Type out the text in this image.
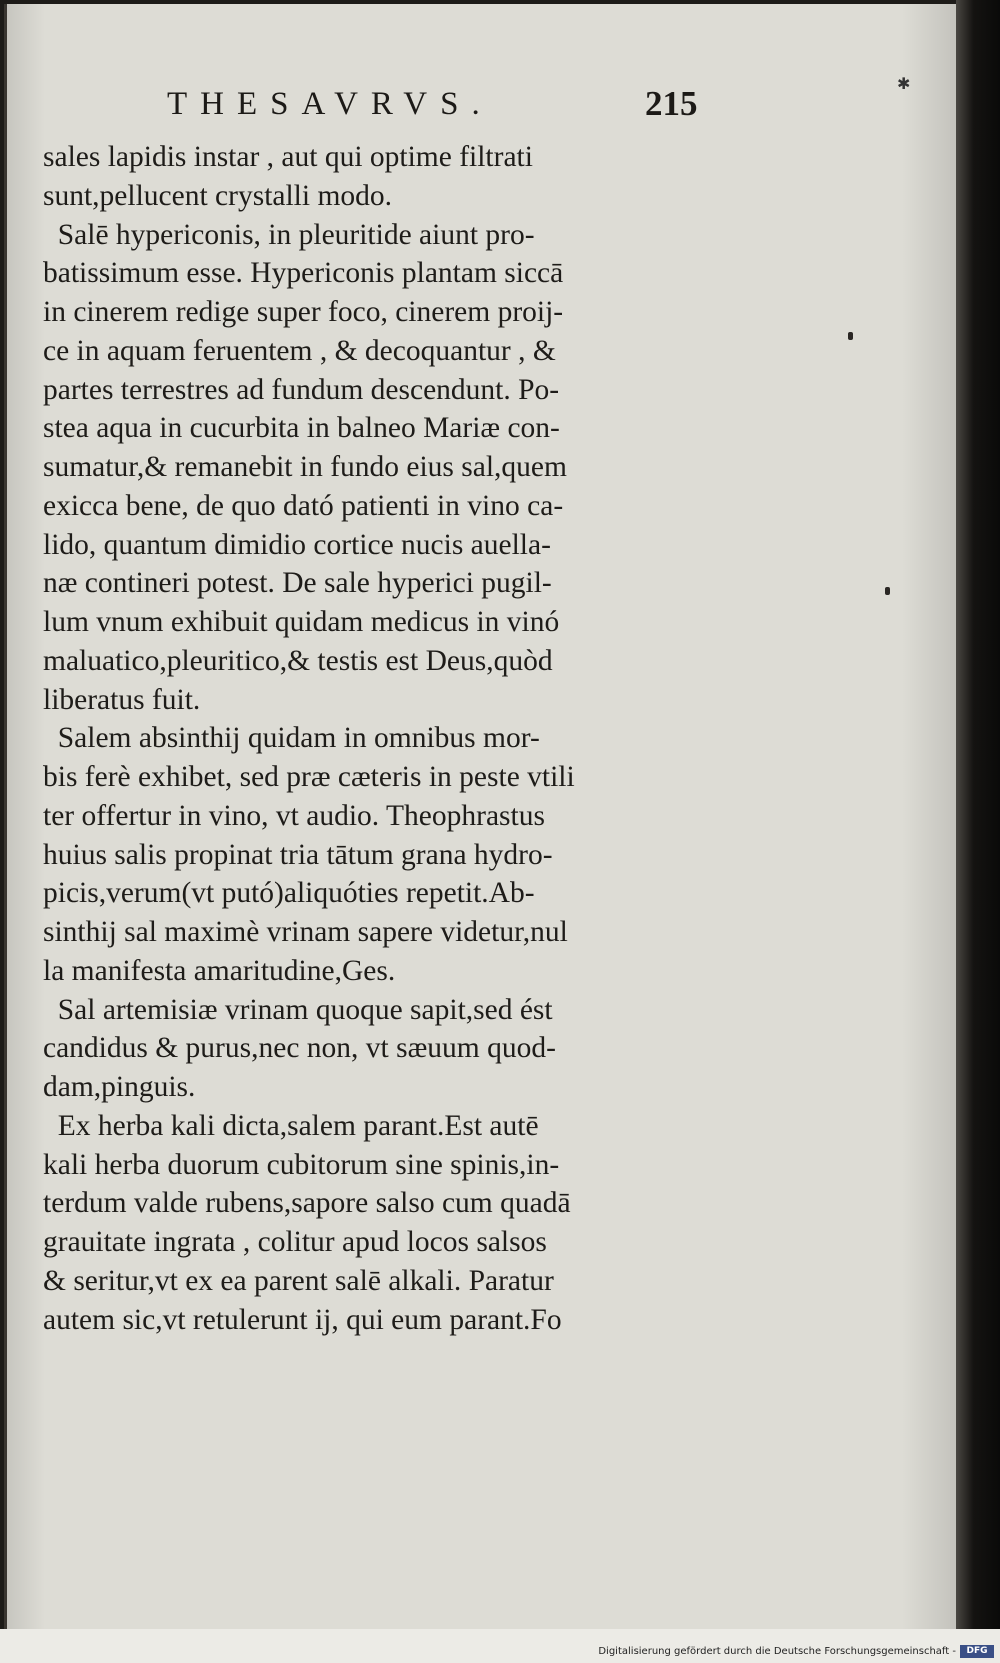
THESAVRVS.	215
✱
sales lapidis instar , aut qui optime filtrati
sunt,pellucent crystalli modo.
Salē hypericonis, in pleuritide aiunt pro-
batissimum esse. Hypericonis plantam siccā
in cinerem redige super foco, cinerem proij-
ce in aquam feruentem , & decoquantur , &
partes terrestres ad fundum descendunt. Po-
stea aqua in cucurbita in balneo Mariæ con-
sumatur,& remanebit in fundo eius sal,quem
exicca bene, de quo dató patienti in vino ca-
lido, quantum dimidio cortice nucis auella-
næ contineri potest. De sale hyperici pugil-
lum vnum exhibuit quidam medicus in vinó
maluatico,pleuritico,& testis est Deus,quòd
liberatus fuit.
Salem absinthij quidam in omnibus mor-
bis ferè exhibet, sed præ cæteris in peste vtili
ter offertur in vino, vt audio. Theophrastus
huius salis propinat tria tātum grana hydro-
picis,verum(vt putó)aliquóties repetit.Ab-
sinthij sal maximè vrinam sapere videtur,nul
la manifesta amaritudine,Ges.
Sal artemisiæ vrinam quoque sapit,sed ést
candidus & purus,nec non, vt sæuum quod-
dam,pinguis.
Ex herba kali dicta,salem parant.Est autē
kali herba duorum cubitorum sine spinis,in-
terdum valde rubens,sapore salso cum quadā
grauitate ingrata , colitur apud locos salsos
& seritur,vt ex ea parent salē alkali. Paratur
autem sic,vt retulerunt ij, qui eum parant.Fo
Digitalisierung gefördert durch die Deutsche Forschungsgemeinschaft -	DFG
